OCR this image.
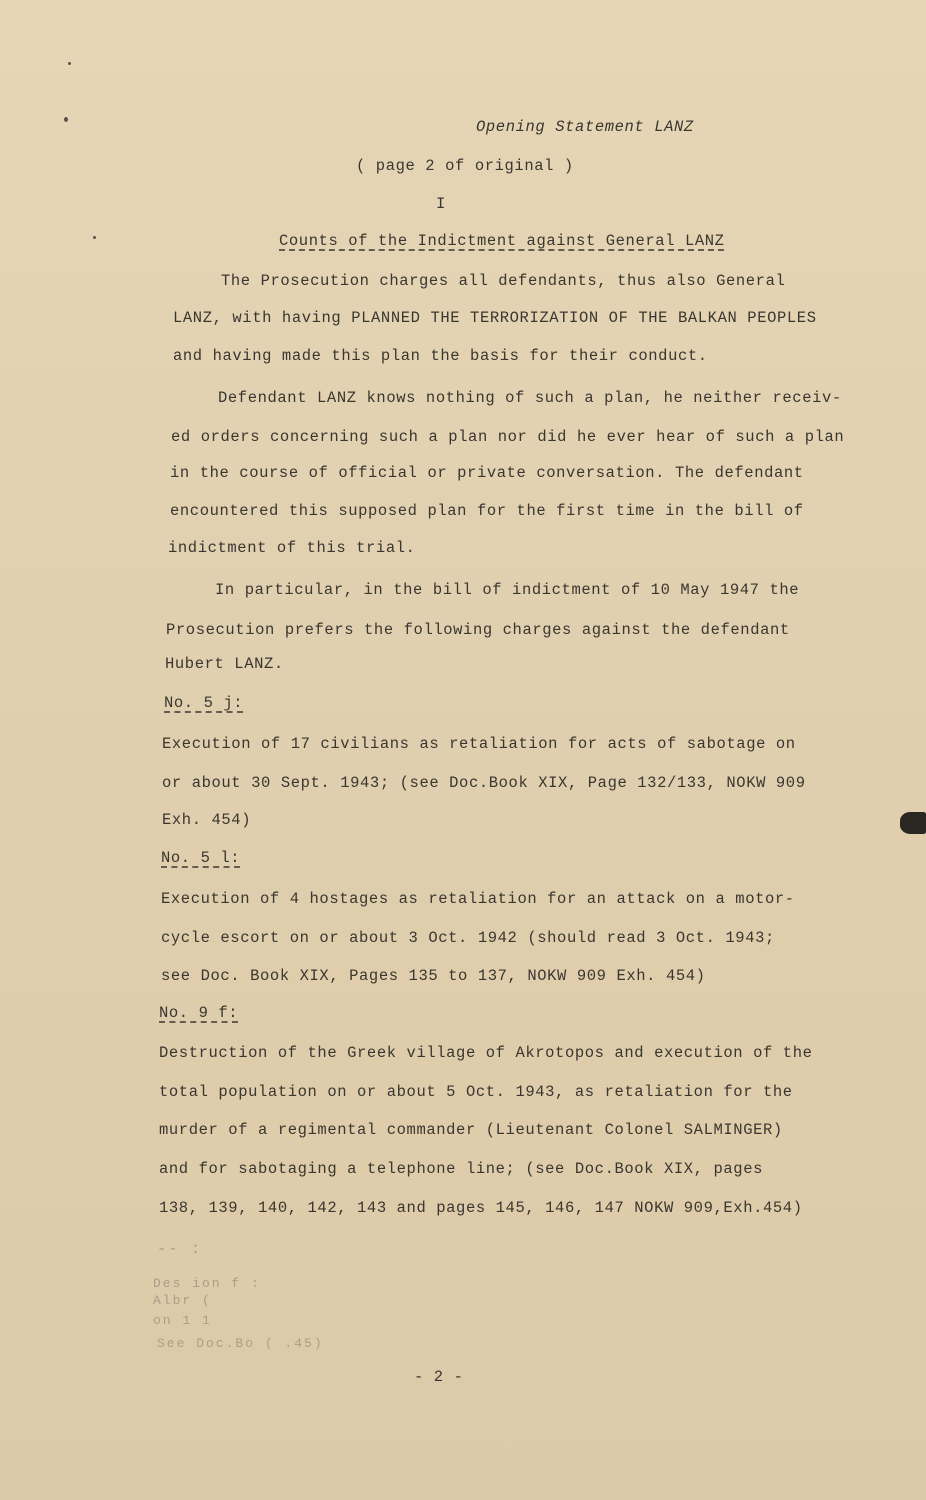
Opening Statement LANZ
( page 2 of original )
I
Counts of the Indictment against General LANZ
The Prosecution charges all defendants, thus also General
LANZ, with having PLANNED THE TERRORIZATION OF THE BALKAN PEOPLES
and having made this plan the basis for their conduct.
Defendant LANZ knows nothing of such a plan, he neither receiv-
ed orders concerning such a plan nor did he ever hear of such a plan
in the course of official or private conversation. The defendant
encountered this supposed plan for the first time in the bill of
indictment of this trial.
In particular, in the bill of indictment of 10 May 1947 the
Prosecution prefers the following charges against the defendant
Hubert LANZ.
No. 5 j:
Execution of 17 civilians as retaliation for acts of sabotage on
or about 30 Sept. 1943; (see Doc.Book XIX, Page 132/133, NOKW 909
Exh. 454)
No. 5 l:
Execution of 4 hostages as retaliation for an attack on a motor-
cycle escort on or about 3 Oct. 1942 (should read 3 Oct. 1943;
see Doc. Book XIX, Pages 135 to 137, NOKW 909 Exh. 454)
No. 9 f:
Destruction of the Greek village of Akrotopos and execution of the
total population on or about 5 Oct. 1943, as retaliation for the
murder of a regimental commander (Lieutenant Colonel SALMINGER)
and for sabotaging a telephone line; (see Doc.Book XIX, pages
138, 139, 140, 142, 143 and pages 145, 146, 147 NOKW 909,Exh.454)
-- :
Des ion f :
Albr (
on 1 1
See Doc.Bo ( .45)
- 2 -
